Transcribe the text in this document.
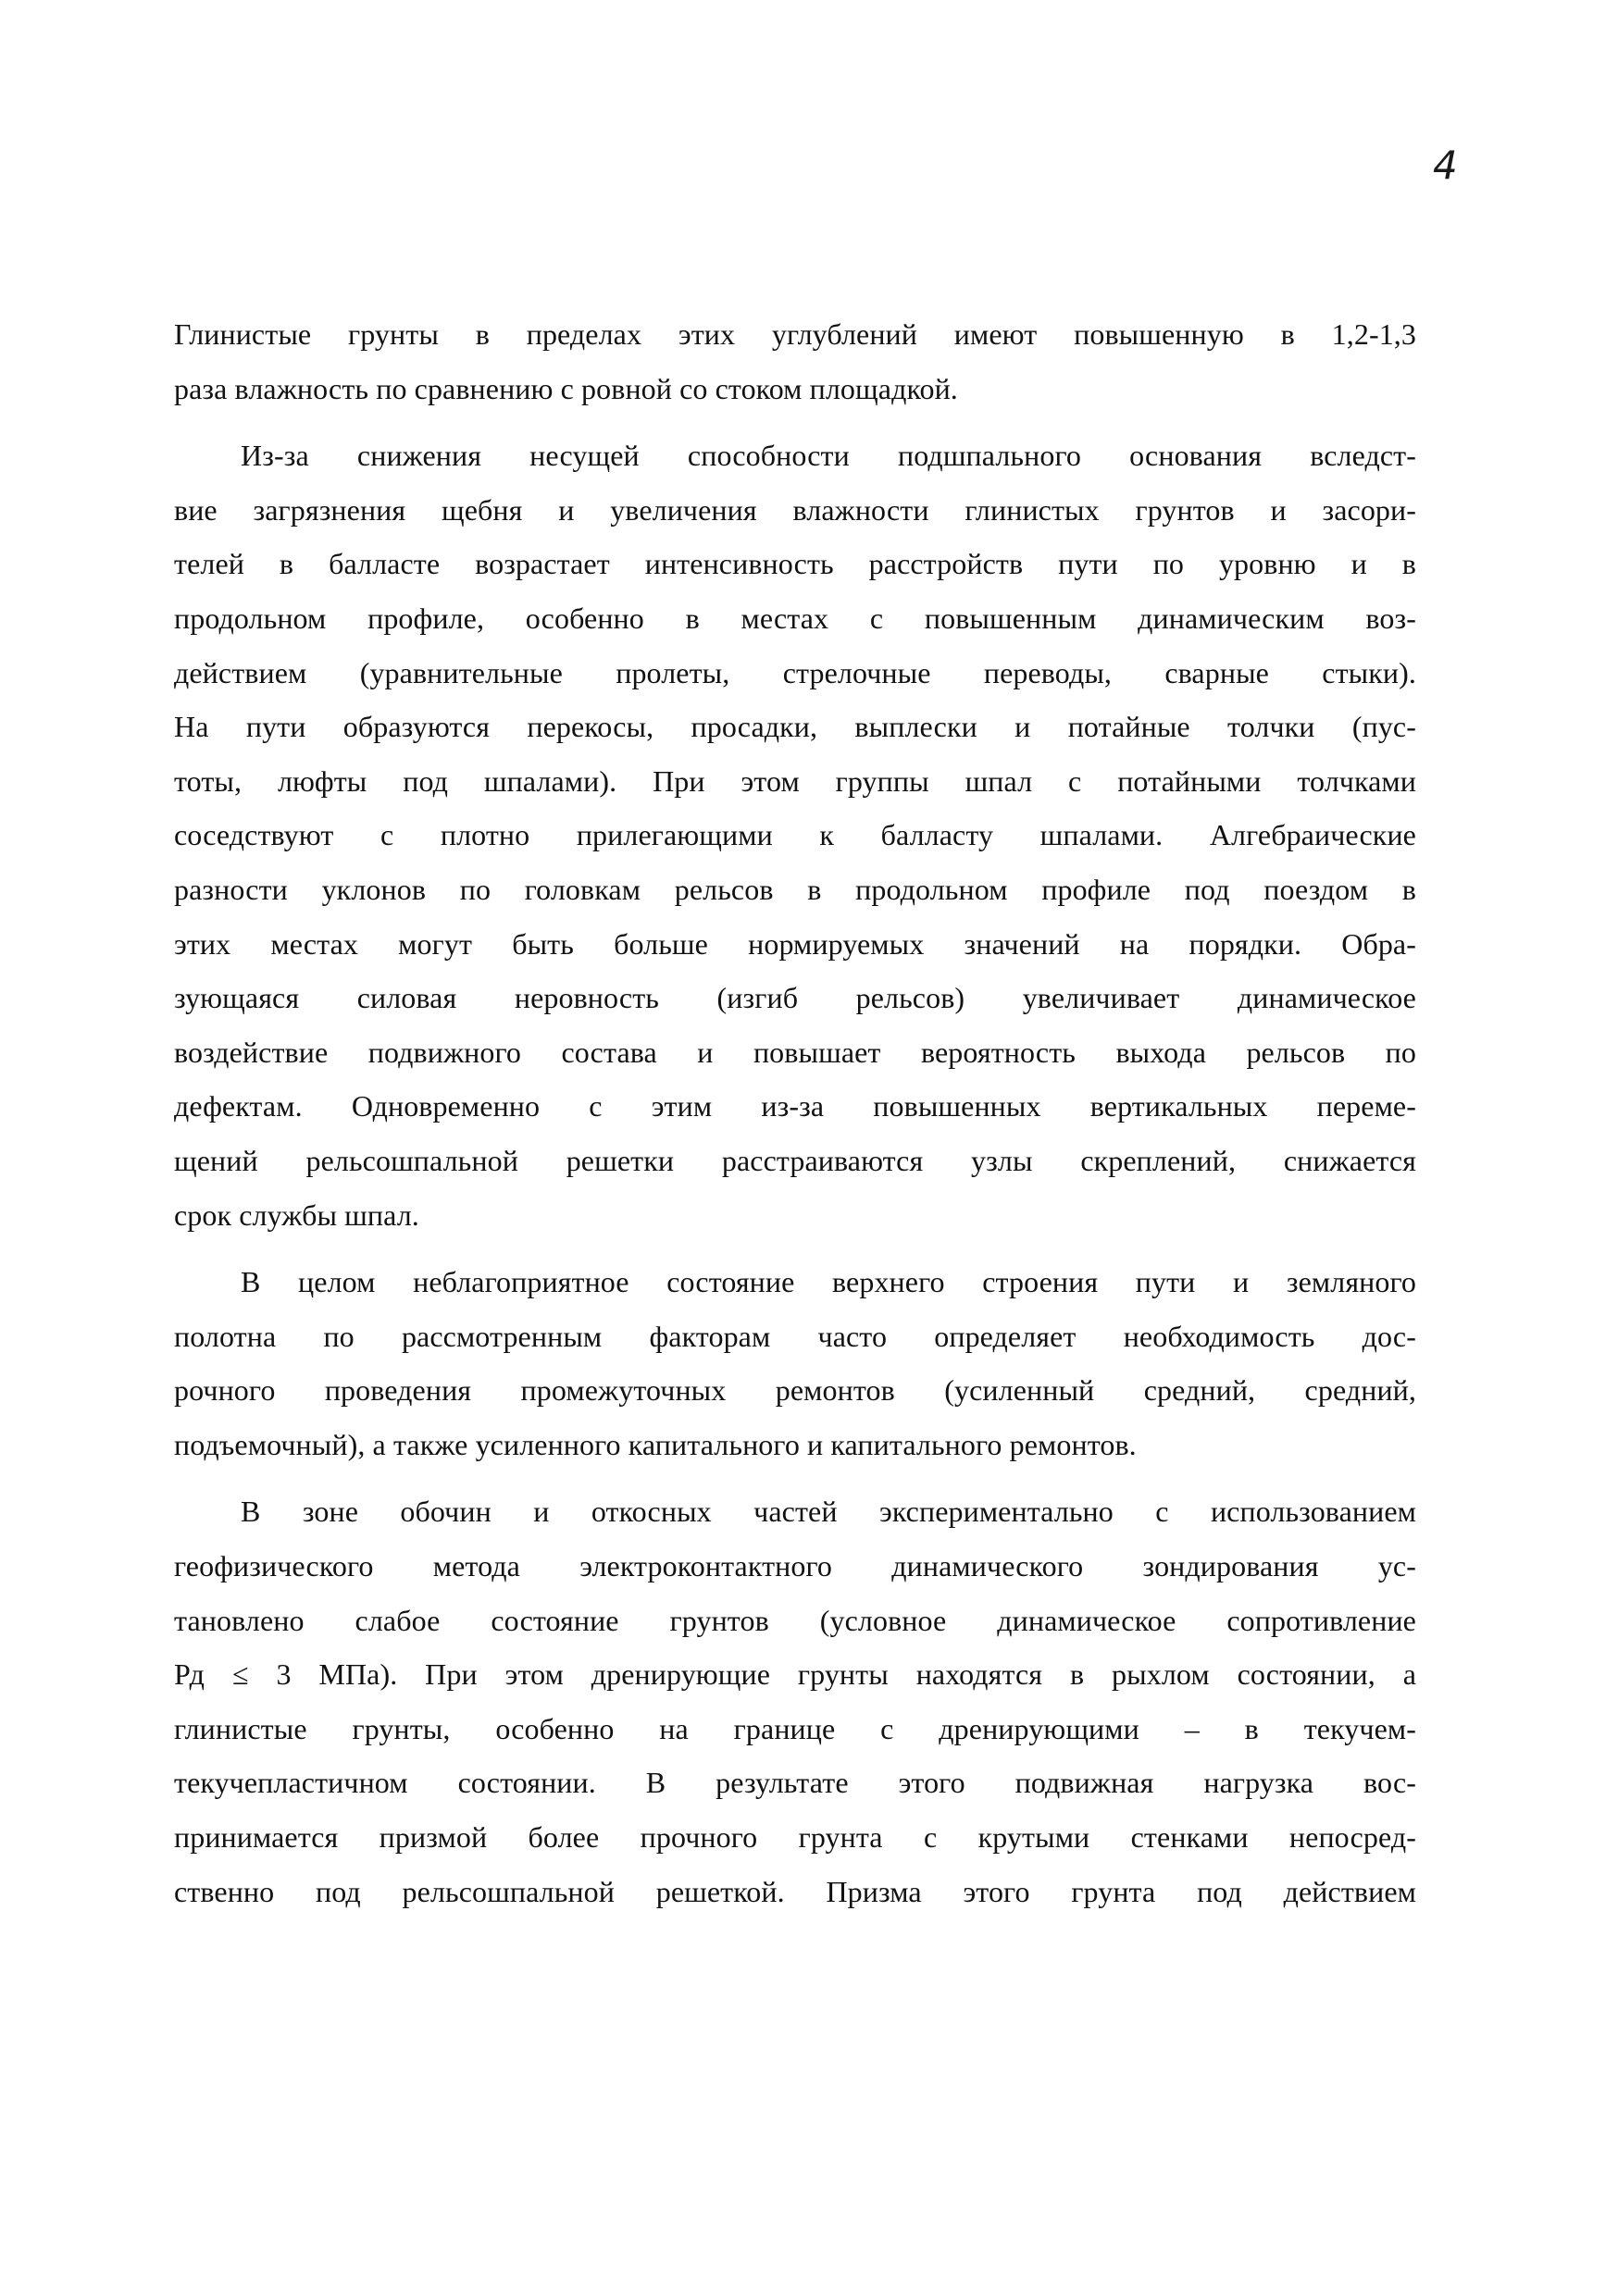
4
Глинистые грунты в пределах этих углублений имеют повышенную в 1,2-1,3
раза влажность по сравнению с ровной со стоком площадкой.
Из-за снижения несущей способности подшпального основания вследст-
вие загрязнения щебня и увеличения влажности глинистых грунтов и засори-
телей в балласте возрастает интенсивность расстройств пути по уровню и в
продольном профиле, особенно в местах с повышенным динамическим воз-
действием (уравнительные пролеты, стрелочные переводы, сварные стыки).
На пути образуются перекосы, просадки, выплески и потайные толчки (пус-
тоты, люфты под шпалами). При этом группы шпал с потайными толчками
соседствуют с плотно прилегающими к балласту шпалами. Алгебраические
разности уклонов по головкам рельсов в продольном профиле под поездом в
этих местах могут быть больше нормируемых значений на порядки. Обра-
зующаяся силовая неровность (изгиб рельсов) увеличивает динамическое
воздействие подвижного состава и повышает вероятность выхода рельсов по
дефектам. Одновременно с этим из-за повышенных вертикальных переме-
щений рельсошпальной решетки расстраиваются узлы скреплений, снижается
срок службы шпал.
В целом неблагоприятное состояние верхнего строения пути и земляного
полотна по рассмотренным факторам часто определяет необходимость дос-
рочного проведения промежуточных ремонтов (усиленный средний, средний,
подъемочный), а также усиленного капитального и капитального ремонтов.
В зоне обочин и откосных частей экспериментально с использованием
геофизического метода электроконтактного динамического зондирования ус-
тановлено слабое состояние грунтов (условное динамическое сопротивление
Рд ≤ 3 МПа). При этом дренирующие грунты находятся в рыхлом состоянии, а
глинистые грунты, особенно на границе с дренирующими – в текучем-
текучепластичном состоянии. В результате этого подвижная нагрузка вос-
принимается призмой более прочного грунта с крутыми стенками непосред-
ственно под рельсошпальной решеткой. Призма этого грунта под действием
